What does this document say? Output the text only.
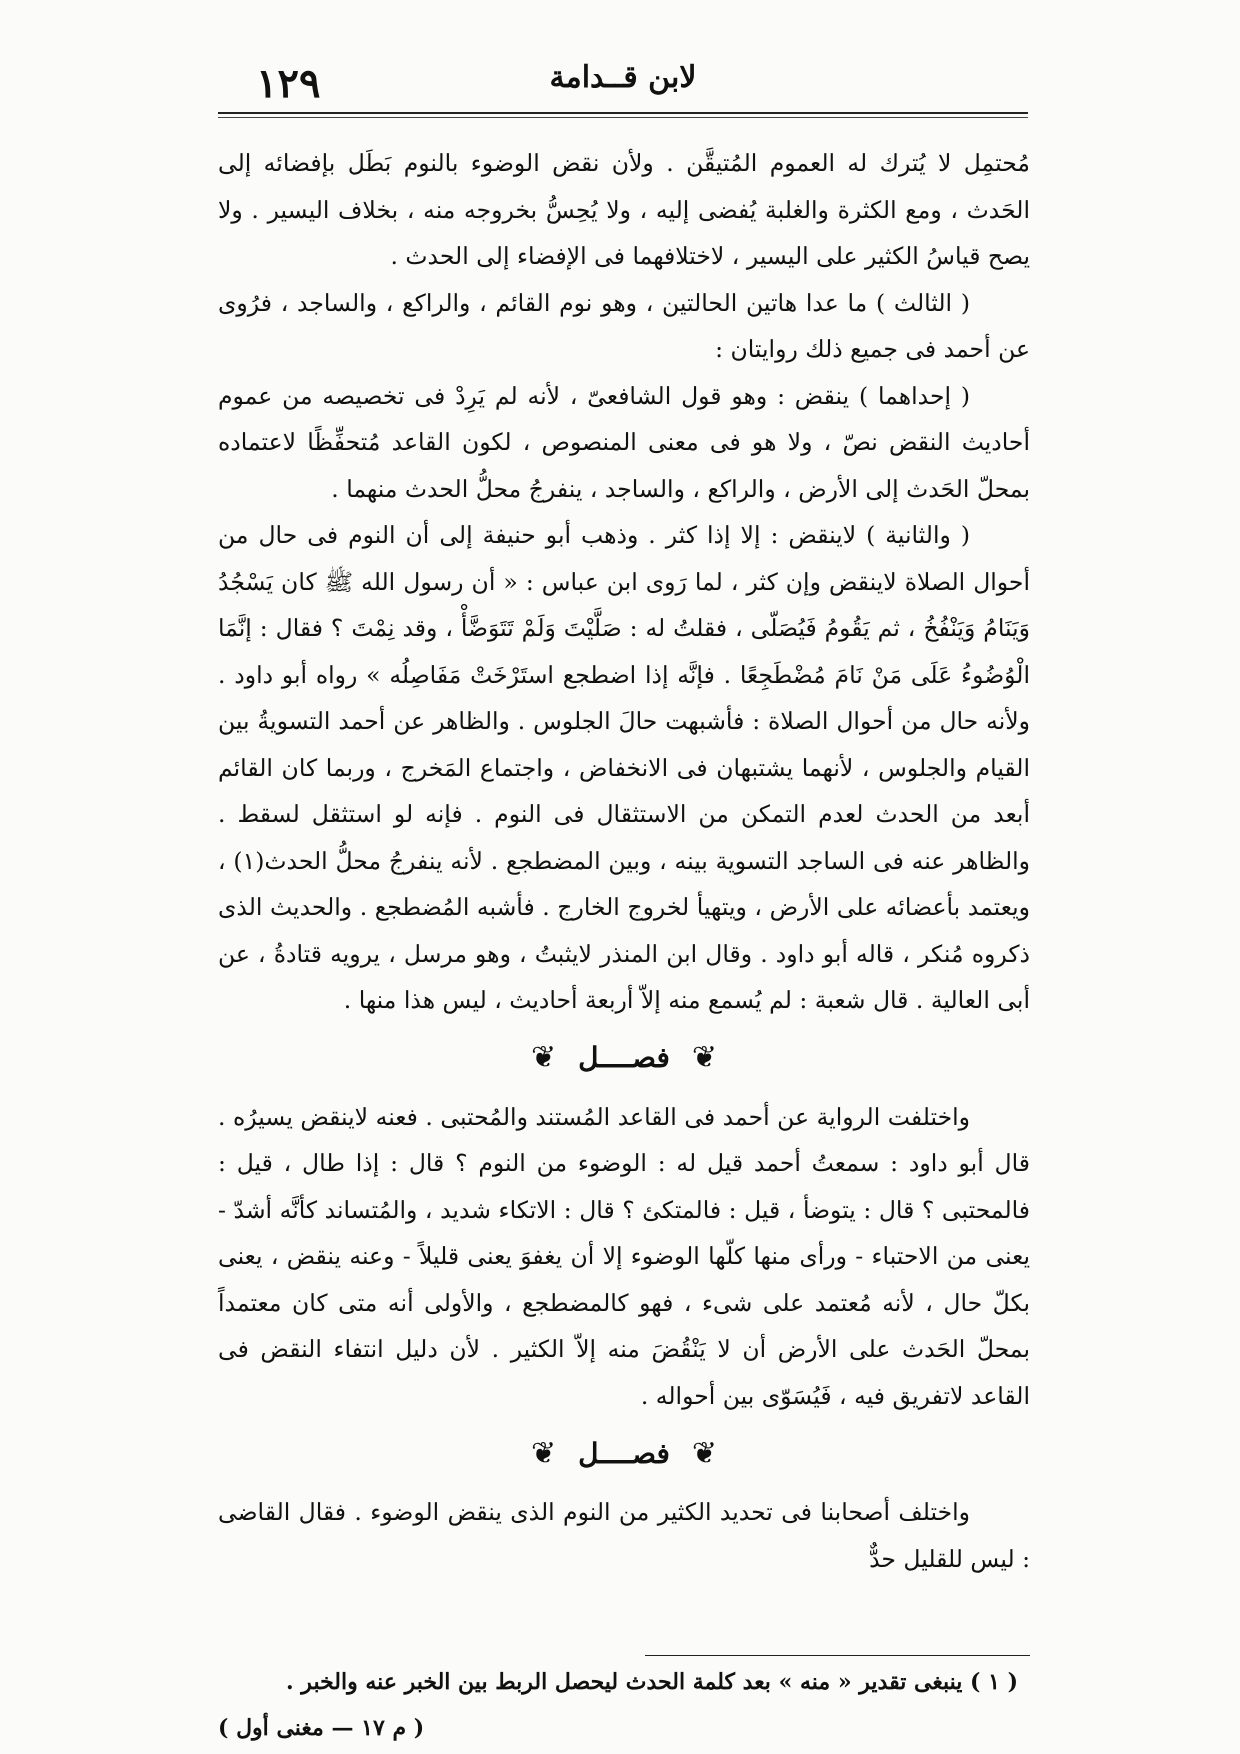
لابن قــدامة
١٢٩

مُحتمِل لا يُترك له العموم المُتيقَّن . ولأن نقض الوضوء بالنوم بَطَل بإفضائه إلى الحَدث ، ومع الكثرة والغلبة يُفضى إليه ، ولا يُحِسُّ بخروجه منه ، بخلاف اليسير . ولا يصح قياسُ الكثير على اليسير ، لاختلافهما فى الإفضاء إلى الحدث .

( الثالث ) ما عدا هاتين الحالتين ، وهو نوم القائم ، والراكع ، والساجد ، فرُوى عن أحمد فى جميع ذلك روايتان :

( إحداهما ) ينقض : وهو قول الشافعىّ ، لأنه لم يَرِدْ فى تخصيصه من عموم أحاديث النقض نصّ ، ولا هو فى معنى المنصوص ، لكون القاعد مُتحفِّظًا لاعتماده بمحلّ الحَدث إلى الأرض ، والراكع ، والساجد ، ينفرجُ محلُّ الحدث منهما .

( والثانية ) لاينقض : إلا إذا كثر . وذهب أبو حنيفة إلى أن النوم فى حال من أحوال الصلاة لاينقض وإن كثر ، لما رَوى ابن عباس : « أن رسول الله ﷺ كان يَسْجُدُ وَيَنَامُ وَيَنْفُخُ ، ثم يَقُومُ فَيُصَلّى ، فقلتُ له : صَلَّيْتَ وَلَمْ تَتَوَضَّأْ ، وقد نِمْتَ ؟ فقال : إنَّمَا الْوُضُوءُ عَلَى مَنْ نَامَ مُضْطَجِعًا . فإنَّه إذا اضطجع استَرْخَتْ مَفَاصِلُه » رواه أبو داود . ولأنه حال من أحوال الصلاة : فأشبهت حالَ الجلوس . والظاهر عن أحمد التسويةُ بين القيام والجلوس ، لأنهما يشتبهان فى الانخفاض ، واجتماع المَخرج ، وربما كان القائم أبعد من الحدث لعدم التمكن من الاستثقال فى النوم . فإنه لو استثقل لسقط . والظاهر عنه فى الساجد التسوية بينه ، وبين المضطجع . لأنه ينفرجُ محلُّ الحدث(١) ، ويعتمد بأعضائه على الأرض ، ويتهيأ لخروج الخارج . فأشبه المُضطجع . والحديث الذى ذكروه مُنكر ، قاله أبو داود . وقال ابن المنذر لايثبتُ ، وهو مرسل ، يرويه قتادةُ ، عن أبى العالية . قال شعبة : لم يُسمع منه إلاّ أربعة أحاديث ، ليس هذا منها .

❦
فصــــل
❦

واختلفت الرواية عن أحمد فى القاعد المُستند والمُحتبى . فعنه لاينقض يسيرُه . قال أبو داود : سمعتُ أحمد قيل له : الوضوء من النوم ؟ قال : إذا طال ، قيل : فالمحتبى ؟ قال : يتوضأ ، قيل : فالمتكئ ؟ قال : الاتكاء شديد ، والمُتساند كأنَّه أشدّ - يعنى من الاحتباء - ورأى منها كلّها الوضوء إلا أن يغفوَ يعنى قليلاً - وعنه ينقض ، يعنى بكلّ حال ، لأنه مُعتمد على شىء ، فهو كالمضطجع ، والأولى أنه متى كان معتمداً بمحلّ الحَدث على الأرض أن لا يَنْقُضَ منه إلاّ الكثير . لأن دليل انتفاء النقض فى القاعد لاتفريق فيه ، فَيُسَوّى بين أحواله .

❦
فصــــل
❦

واختلف أصحابنا فى تحديد الكثير من النوم الذى ينقض الوضوء . فقال القاضى : ليس للقليل حدٌّ

( ١ ) ينبغى تقدير « منه » بعد كلمة الحدث ليحصل الربط بين الخبر عنه والخبر .
( م ١٧ — مغنى أول )
